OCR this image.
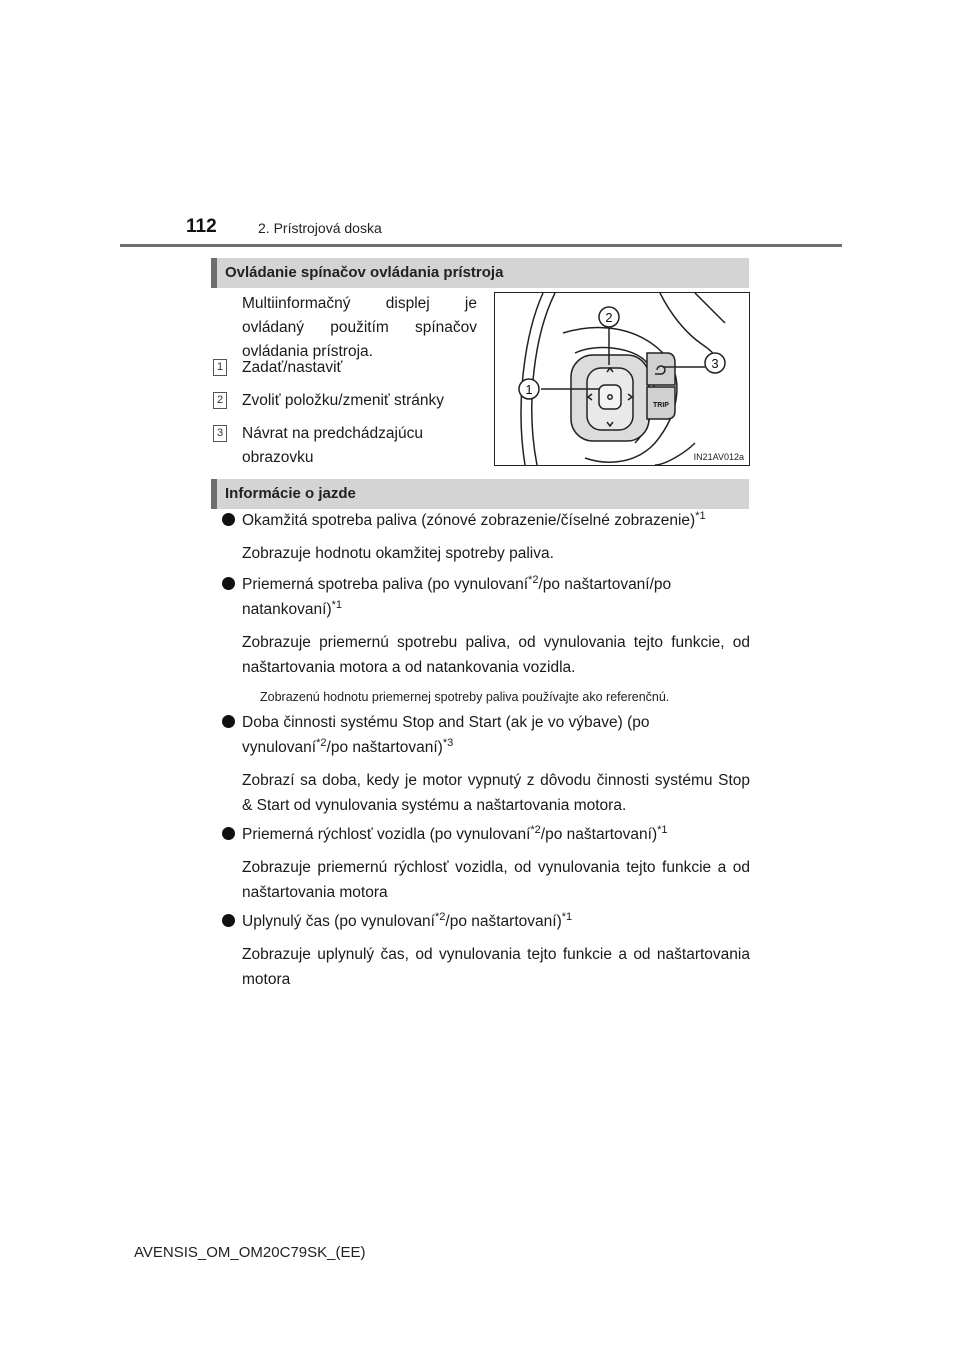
112	2. Prístrojová doska
Ovládanie spínačov ovládania prístroja
Multiinformačný displej je ovládaný použitím spínačov ovládania prístroja.
1 Zadať/nastaviť
2 Zvoliť položku/zmeniť stránky
3 Návrat na predchádzajúcu obrazovku
1
2
3
TRIP
IN21AV012a
Informácie o jazde
Okamžitá spotreba paliva (zónové zobrazenie/číselné zobrazenie)$^{*1}$
Zobrazuje hodnotu okamžitej spotreby paliva.
Priemerná spotreba paliva (po vynulovaní$^{*2}$/po naštartovaní/po natankovaní)$^{*1}$
Zobrazuje priemernú spotrebu paliva, od vynulovania tejto funkcie, od naštartovania motora a od natankovania vozidla.
Zobrazenú hodnotu priemernej spotreby paliva používajte ako referenčnú.
Doba činnosti systému Stop and Start (ak je vo výbave) (po vynulovaní$^{*2}$/po naštartovaní)$^{*3}$
Zobrazí sa doba, kedy je motor vypnutý z dôvodu činnosti systému Stop & Start od vynulovania systému a naštartovania motora.
Priemerná rýchlosť vozidla (po vynulovaní$^{*2}$/po naštartovaní)$^{*1}$
Zobrazuje priemernú rýchlosť vozidla, od vynulovania tejto funkcie a od naštartovania motora
Uplynulý čas (po vynulovaní$^{*2}$/po naštartovaní)$^{*1}$
Zobrazuje uplynulý čas, od vynulovania tejto funkcie a od naštartovania motora
AVENSIS_OM_OM20C79SK_(EE)
